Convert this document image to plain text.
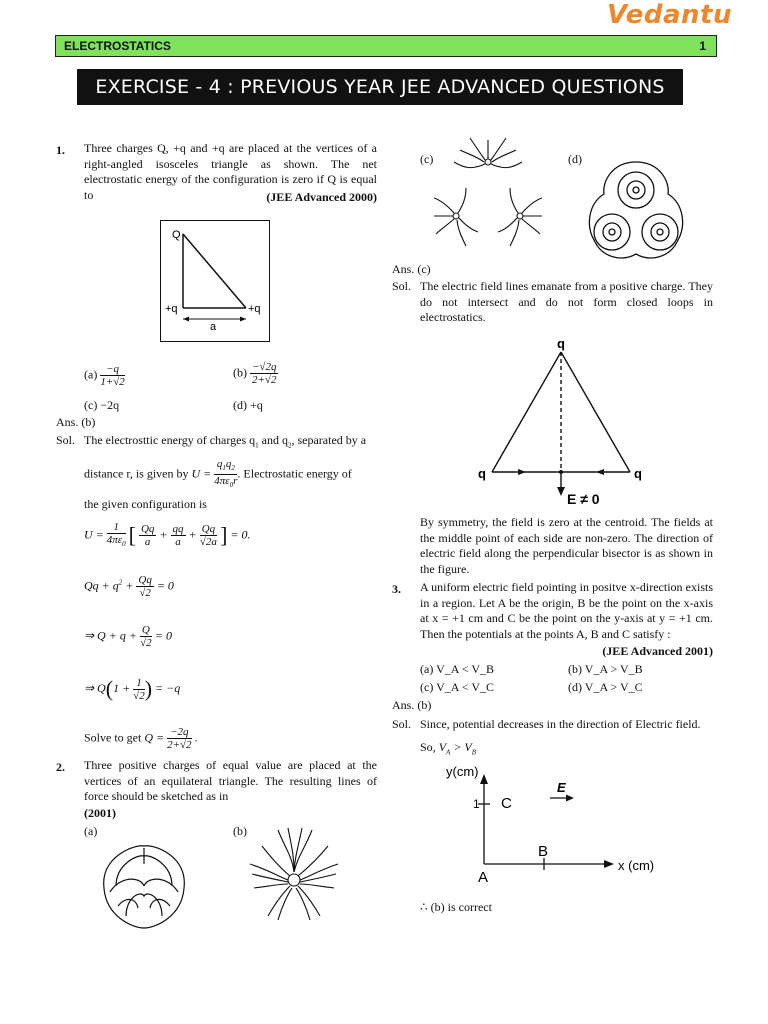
Vedantu
ELECTROSTATICS	1
EXERCISE - 4 : PREVIOUS YEAR JEE ADVANCED QUESTIONS
1. Three charges Q, +q and +q are placed at the vertices of a right-angled isosceles triangle as shown. The net electrostatic energy of the configuration is zero if Q is equal to	(JEE Advanced 2000)
Q
+q	+q
a
$(a) \frac{-q}{1+√2}$	$(b) \frac{-√2q}{2+√2}$
(c) −2q	(d) +q
Ans. (b)
Sol. The electrosttic energy of charges $q_1$ and $q_2$, separated by a
distance r, is given by $U = \frac{q_1q_2}{4\pi\varepsilon_0r}$ . Electrostatic energy of
the given configuration is
$U = \frac{1}{4\pi\varepsilon_0}$ [ $\frac{Qq}{a} + \frac{qq}{a} + \frac{Qq}{√2a}$ ] = 0.
$Qq + q^2 + \frac{Qq}{√2} = 0$
⇒ $Q + q + \frac{Q}{√2} = 0$
⇒ $Q(1 + \frac{1}{√2}$ ) = −q
Solve to get $Q = \frac{-2q}{2+√2}$ .
2. Three positive charges of equal value are placed at the vertices of an equilateral triangle. The resulting lines of force should be sketched as in
(2001)
(a)	(b)
(c)	(d)
Ans. (c)
Sol. The electric field lines emanate from a positive charge. They do not intersect and do not form closed loops in electrostatics.
q
q	q
E ≠ 0
By symmetry, the field is zero at the centroid. The fields at the middle point of each side are non-zero. The direction of electric field along the perpendicular bisector is as shown in the figure.
3. A uniform electric field pointing in positve x-direction exists in a region. Let A be the origin, B be the point on the x-axis at x = +1 cm and C be the point on the y-axis at y = +1 cm. Then the potentials at the points A, B and C satisfy :
(JEE Advanced 2001)
(a) V_A < V_B	(b) V_A > V_B
(c) V_A < V_C	(d) V_A > V_C
Ans. (b)
Sol. Since, potential decreases in the direction of Electric field.
So, $V_A > V_B$
y(cm)
x (cm)
1 C
B
A
E
∴ (b) is correct
